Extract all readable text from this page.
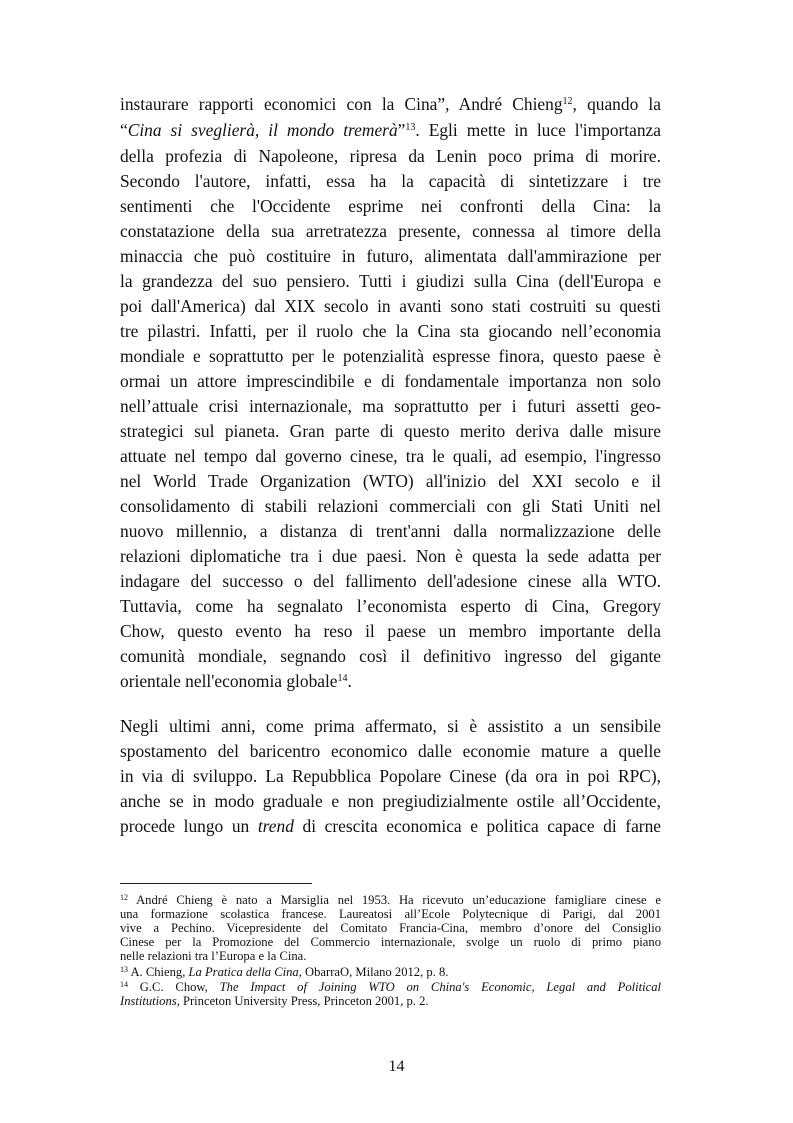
instaurare rapporti economici con la Cina”, André Chieng$^{12}$, quando la

“Cina si sveglierà, il mondo tremerà”$^{13}$. Egli mette in luce l'importanza

della profezia di Napoleone, ripresa da Lenin poco prima di morire.

Secondo l'autore, infatti, essa ha la capacità di sintetizzare i tre

sentimenti che l'Occidente esprime nei confronti della Cina: la

constatazione della sua arretratezza presente, connessa al timore della

minaccia che può costituire in futuro, alimentata dall'ammirazione per

la grandezza del suo pensiero. Tutti i giudizi sulla Cina (dell'Europa e

poi dall'America) dal XIX secolo in avanti sono stati costruiti su questi

tre pilastri. Infatti, per il ruolo che la Cina sta giocando nell’economia

mondiale e soprattutto per le potenzialità espresse finora, questo paese è

ormai un attore imprescindibile e di fondamentale importanza non solo

nell’attuale crisi internazionale, ma soprattutto per i futuri assetti geo-

strategici sul pianeta. Gran parte di questo merito deriva dalle misure

attuate nel tempo dal governo cinese, tra le quali, ad esempio, l'ingresso

nel World Trade Organization (WTO) all'inizio del XXI secolo e il

consolidamento di stabili relazioni commerciali con gli Stati Uniti nel

nuovo millennio, a distanza di trent'anni dalla normalizzazione delle

relazioni diplomatiche tra i due paesi. Non è questa la sede adatta per

indagare del successo o del fallimento dell'adesione cinese alla WTO.

Tuttavia, come ha segnalato l’economista esperto di Cina, Gregory

Chow, questo evento ha reso il paese un membro importante della

comunità mondiale, segnando così il definitivo ingresso del gigante

orientale nell'economia globale$^{14}$.

Negli ultimi anni, come prima affermato, si è assistito a un sensibile

spostamento del baricentro economico dalle economie mature a quelle

in via di sviluppo. La Repubblica Popolare Cinese (da ora in poi RPC),

anche se in modo graduale e non pregiudizialmente ostile all’Occidente,

procede lungo un trend di crescita economica e politica capace di farne

$^{12}$ André Chieng è nato a Marsiglia nel 1953. Ha ricevuto un’educazione famigliare cinese e

una formazione scolastica francese. Laureatosi all’Ecole Polytecnique di Parigi, dal 2001

vive a Pechino. Vicepresidente del Comitato Francia-Cina, membro d’onore del Consiglio

Cinese per la Promozione del Commercio internazionale, svolge un ruolo di primo piano

nelle relazioni tra l’Europa e la Cina.

$^{13}$ A. Chieng, La Pratica della Cina, ObarraO, Milano 2012, p. 8.

$^{14}$ G.C. Chow, The Impact of Joining WTO on China's Economic, Legal and Political

Institutions, Princeton University Press, Princeton 2001, p. 2.

14
